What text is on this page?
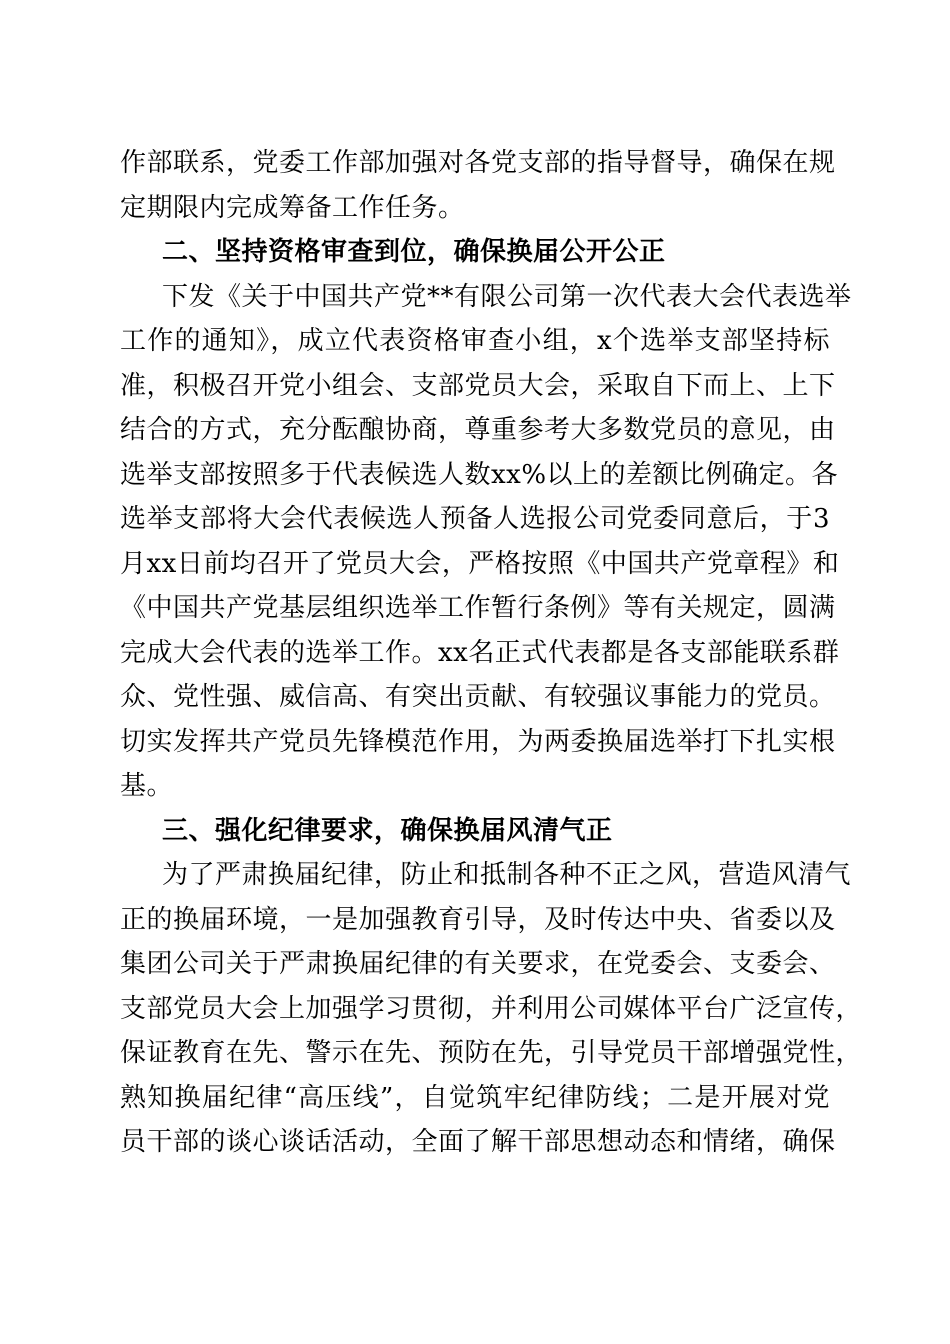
作部联系，党委工作部加强对各党支部的指导督导，确保在规
定期限内完成筹备工作任务。
二、坚持资格审查到位，确保换届公开公正
下发《关于中国共产党**有限公司第一次代表大会代表选举
工作的通知》，成立代表资格审查小组，x个选举支部坚持标
准，积极召开党小组会、支部党员大会，采取自下而上、上下
结合的方式，充分酝酿协商，尊重参考大多数党员的意见，由
选举支部按照多于代表候选人数xx%以上的差额比例确定。各
选举支部将大会代表候选人预备人选报公司党委同意后，于3
月xx日前均召开了党员大会，严格按照《中国共产党章程》和
《中国共产党基层组织选举工作暂行条例》等有关规定，圆满
完成大会代表的选举工作。xx名正式代表都是各支部能联系群
众、党性强、威信高、有突出贡献、有较强议事能力的党员。
切实发挥共产党员先锋模范作用，为两委换届选举打下扎实根
基。
三、强化纪律要求，确保换届风清气正
为了严肃换届纪律，防止和抵制各种不正之风，营造风清气
正的换届环境，一是加强教育引导，及时传达中央、省委以及
集团公司关于严肃换届纪律的有关要求，在党委会、支委会、
支部党员大会上加强学习贯彻，并利用公司媒体平台广泛宣传，
保证教育在先、警示在先、预防在先，引导党员干部增强党性，
熟知换届纪律“高压线”，自觉筑牢纪律防线；二是开展对党
员干部的谈心谈话活动，全面了解干部思想动态和情绪，确保
